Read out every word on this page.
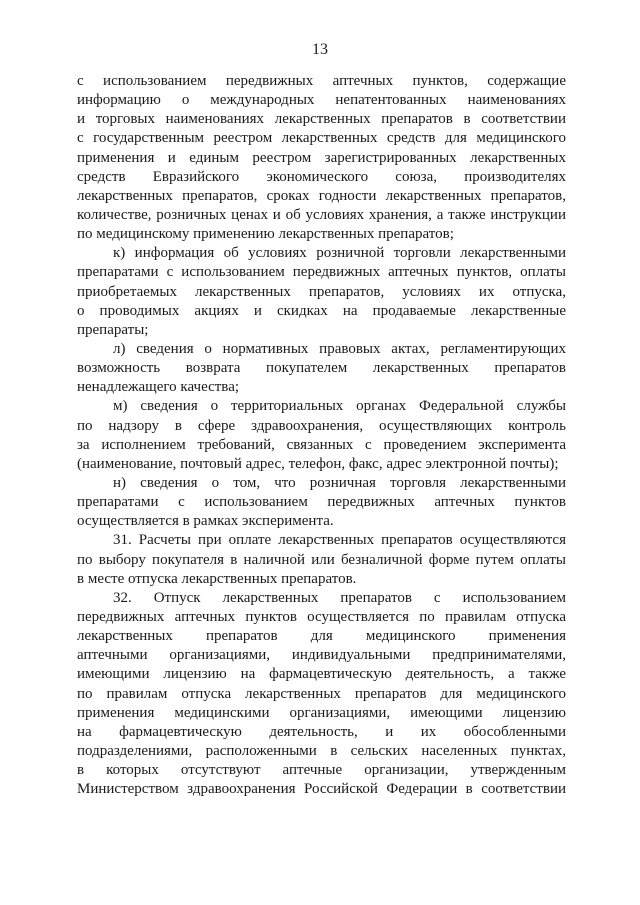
13
с использованием передвижных аптечных пунктов, содержащие
информацию о международных непатентованных наименованиях
и торговых наименованиях лекарственных препаратов в соответствии
с государственным реестром лекарственных средств для медицинского
применения и единым реестром зарегистрированных лекарственных
средств Евразийского экономического союза, производителях
лекарственных препаратов, сроках годности лекарственных препаратов,
количестве, розничных ценах и об условиях хранения, а также инструкции
по медицинскому применению лекарственных препаратов;
к) информация об условиях розничной торговли лекарственными
препаратами с использованием передвижных аптечных пунктов, оплаты
приобретаемых лекарственных препаратов, условиях их отпуска,
о проводимых акциях и скидках на продаваемые лекарственные
препараты;
л) сведения о нормативных правовых актах, регламентирующих
возможность возврата покупателем лекарственных препаратов
ненадлежащего качества;
м) сведения о территориальных органах Федеральной службы
по надзору в сфере здравоохранения, осуществляющих контроль
за исполнением требований, связанных с проведением эксперимента
(наименование, почтовый адрес, телефон, факс, адрес электронной почты);
н) сведения о том, что розничная торговля лекарственными
препаратами с использованием передвижных аптечных пунктов
осуществляется в рамках эксперимента.
31. Расчеты при оплате лекарственных препаратов осуществляются
по выбору покупателя в наличной или безналичной форме путем оплаты
в месте отпуска лекарственных препаратов.
32. Отпуск лекарственных препаратов с использованием
передвижных аптечных пунктов осуществляется по правилам отпуска
лекарственных препаратов для медицинского применения
аптечными организациями, индивидуальными предпринимателями,
имеющими лицензию на фармацевтическую деятельность, а также
по правилам отпуска лекарственных препаратов для медицинского
применения медицинскими организациями, имеющими лицензию
на фармацевтическую деятельность, и их обособленными
подразделениями, расположенными в сельских населенных пунктах,
в которых отсутствуют аптечные организации, утвержденным
Министерством здравоохранения Российской Федерации в соответствии
